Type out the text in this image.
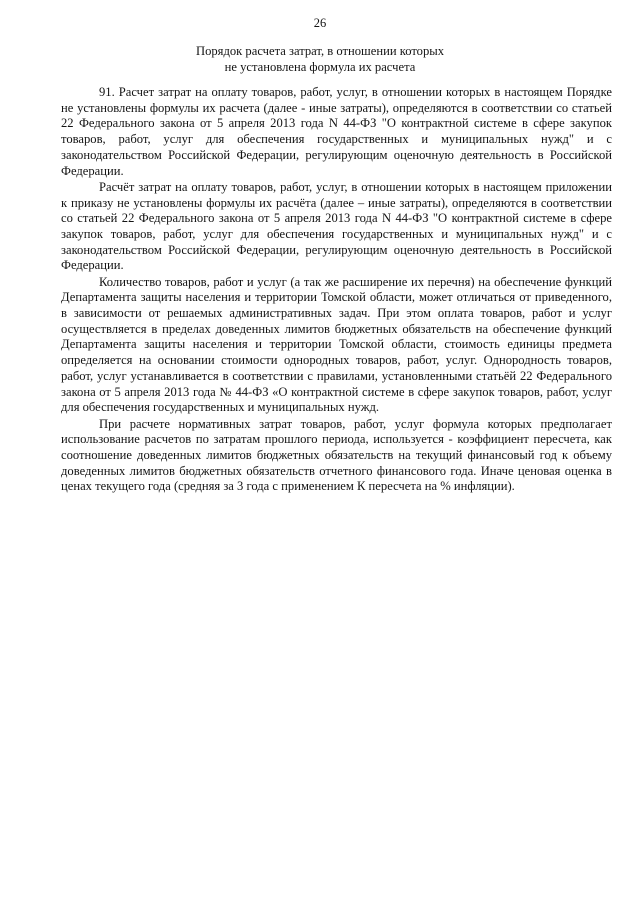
26
Порядок расчета затрат, в отношении которых
не установлена формула их расчета

91. Расчет затрат на оплату товаров, работ, услуг, в отношении которых в настоящем Порядке не установлены формулы их расчета (далее - иные затраты), определяются в соответствии со статьей 22 Федерального закона от 5 апреля 2013 года N 44-ФЗ "О контрактной системе в сфере закупок товаров, работ, услуг для обеспечения государственных и муниципальных нужд" и с законодательством Российской Федерации, регулирующим оценочную деятельность в Российской Федерации.

Расчёт затрат на оплату товаров, работ, услуг, в отношении которых в настоящем приложении к приказу не установлены формулы их расчёта (далее – иные затраты), определяются в соответствии со статьей 22 Федерального закона от 5 апреля 2013 года N 44-ФЗ "О контрактной системе в сфере закупок товаров, работ, услуг для обеспечения государственных и муниципальных нужд" и с законодательством Российской Федерации, регулирующим оценочную деятельность в Российской Федерации.

Количество товаров, работ и услуг (а так же расширение их перечня) на обеспечение функций Департамента защиты населения и территории Томской области, может отличаться от приведенного, в зависимости от решаемых административных задач. При этом оплата товаров, работ и услуг осуществляется в пределах доведенных лимитов бюджетных обязательств на обеспечение функций Департамента защиты населения и территории Томской области, стоимость единицы предмета определяется на основании стоимости однородных товаров, работ, услуг. Однородность товаров, работ, услуг устанавливается в соответствии с правилами, установленными статьёй 22 Федерального закона от 5 апреля 2013 года № 44-ФЗ «О контрактной системе в сфере закупок товаров, работ, услуг для обеспечения государственных и муниципальных нужд.

При расчете нормативных затрат товаров, работ, услуг формула которых предполагает использование расчетов по затратам прошлого периода, используется - коэффициент пересчета, как соотношение доведенных лимитов бюджетных обязательств на текущий финансовый год к объему доведенных лимитов бюджетных обязательств отчетного финансового года. Иначе ценовая оценка в ценах текущего года (средняя за 3 года с применением К пересчета на % инфляции).
